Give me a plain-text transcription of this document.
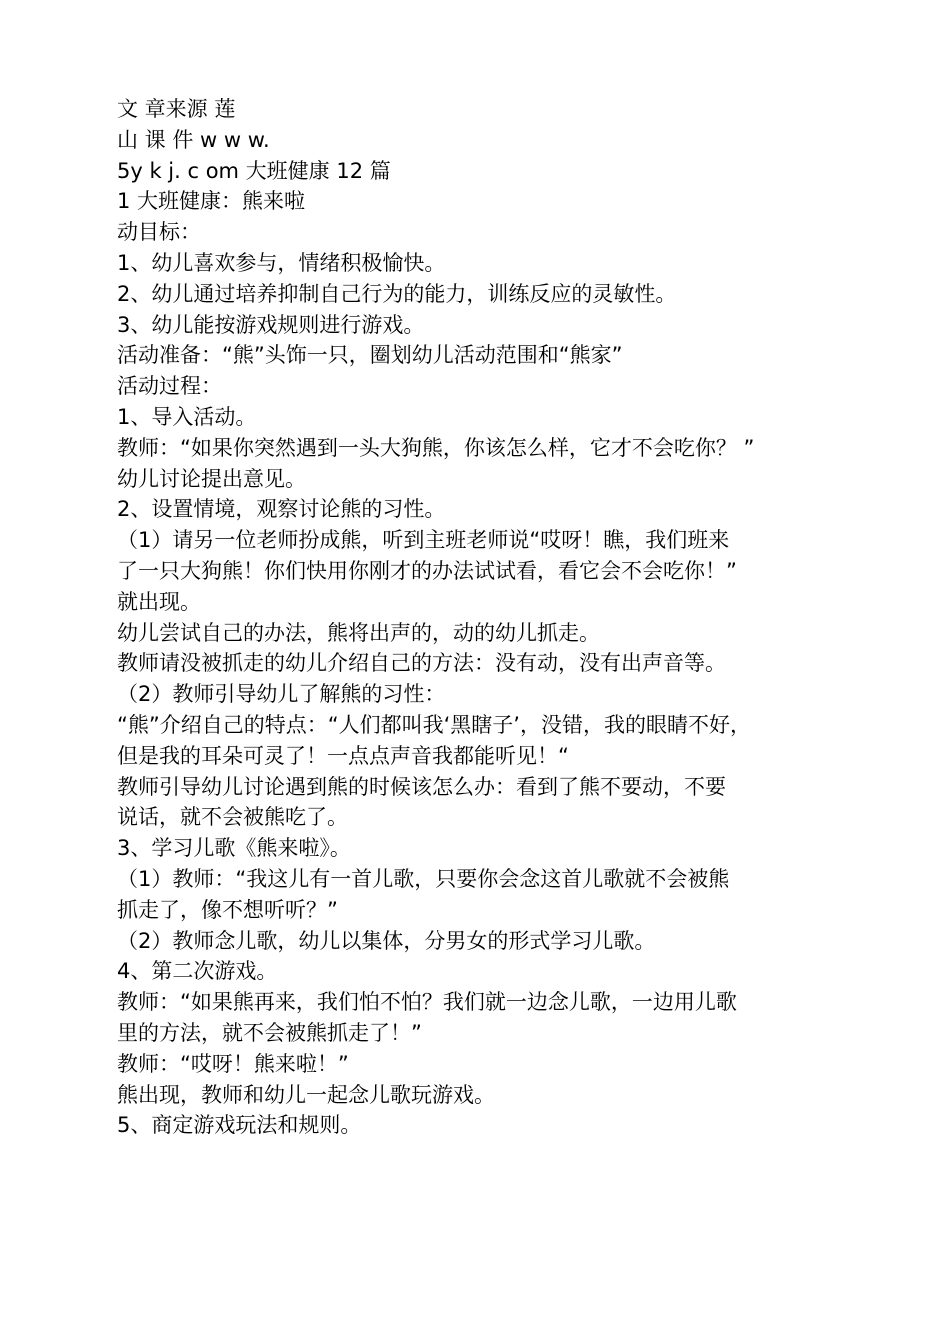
文 章来源 莲
山 课 件 w w w.
5y k j. c om 大班健康 12 篇
1 大班健康：熊来啦
动目标：
1、幼儿喜欢参与，情绪积极愉快。
2、幼儿通过培养抑制自己行为的能力，训练反应的灵敏性。
3、幼儿能按游戏规则进行游戏。
活动准备：“熊”头饰一只，圈划幼儿活动范围和“熊家”
活动过程：
1、导入活动。
教师：“如果你突然遇到一头大狗熊，你该怎么样，它才不会吃你？ ”
幼儿讨论提出意见。
2、设置情境，观察讨论熊的习性。
（1）请另一位老师扮成熊，听到主班老师说“哎呀！瞧，我们班来
了一只大狗熊！你们快用你刚才的办法试试看，看它会不会吃你！”
就出现。
幼儿尝试自己的办法，熊将出声的，动的幼儿抓走。
教师请没被抓走的幼儿介绍自己的方法：没有动，没有出声音等。
（2）教师引导幼儿了解熊的习性：
“熊”介绍自己的特点：“人们都叫我‘黑瞎子’，没错，我的眼睛不好，
但是我的耳朵可灵了！一点点声音我都能听见！“
教师引导幼儿讨论遇到熊的时候该怎么办：看到了熊不要动，不要
说话，就不会被熊吃了。
3、学习儿歌《熊来啦》。
（1）教师：“我这儿有一首儿歌，只要你会念这首儿歌就不会被熊
抓走了，像不想听听？”
（2）教师念儿歌，幼儿以集体，分男女的形式学习儿歌。
4、第二次游戏。
教师：“如果熊再来，我们怕不怕？我们就一边念儿歌，一边用儿歌
里的方法，就不会被熊抓走了！”
教师：“哎呀！熊来啦！”
熊出现，教师和幼儿一起念儿歌玩游戏。
5、商定游戏玩法和规则。
